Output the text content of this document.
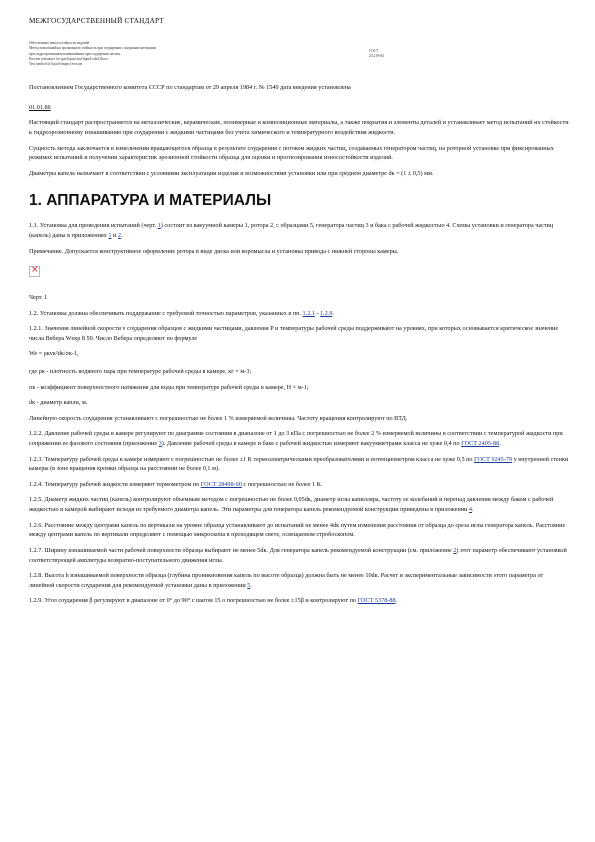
МЕЖГОСУДАРСТВЕННЫЙ СТАНДАРТ
Обеспечение износостойкости изделий
Метод испытаний на эрозионную стойкость при соударении с жидкими частицами
при гидроэрозионном изнашивании при соударении частиц
Erosion resistance for gas-liquid and liquid-solid flows
Test method of liquid-impact erosion
ГОСТ
23.219-84
Постановлением Государственного комитета СССР по стандартам от 29 апреля 1984 г. № 1540 дата введения установлена
01.01.86

Настоящий стандарт распространяется на металлические, керамические, полимерные и композиционные материалы, а также покрытия и элементы деталей и устанавливает метод испытаний их стойкости к гидроэрозионному изнашиванию при соударении с жидкими частицами без учета химического и температурного воздействия жидкости.

Сущность метода заключается в измельчении вращающегося образца в результате соударения с потоком жидких частиц, создаваемых генератором частиц, на роторной установке при фиксированных режимах испытаний и получении характеристик эрозионной стойкости образца для оценки и прогнозирования износостойкости изделий.

Диаметры капель назначают в соответствии с условиями эксплуатации изделия и возможностями установки или при среднем диаметре dк = (1 ± 0,5) мм.

1. АППАРАТУРА И МАТЕРИАЛЫ

1.1. Установка для проведения испытаний (черт. 1) состоит из вакуумной камеры 1, ротора 2, с образцами 5, генератора частиц 3 и бака с рабочей жидкостью 4. Схемы установки и генератора частиц (капель) даны в приложениях 1 и 2.

Примечание. Допускается конструктивное оформление ротора в виде диска или коромысла и установка привода с нижней стороны камеры.

×

Черт. 1

1.2. Установка должна обеспечивать поддержание с требуемой точностью параметров, указанных в пп. 1.2.1 - 1.2.9.

1.2.1. Значения линейной скорости v соударения образцов с жидкими частицами, давления P и температуры рабочей среды поддерживают на уровнях, при которых основывается критическое значение числа Вебера Wекр 8 50. Число Вебера определяют по формуле

We = ρкvк²dк/σк-1,

где ρк - плотность водяного пара при температуре рабочей среды в камере, кг × м-3;

σк - коэффициент поверхностного натяжения для воды при температуре рабочей среды в камере, Н × м-1;

dк - диаметр капли, м.

Линейную скорость соударения устанавливают с погрешностью не более 1 % измеряемой величины. Частоту вращения контролируют по ВТД.

1.2.2. Давление рабочей среды в камере регулируют по диаграмме состояния в диапазоне от 1 до 3 кПа с погрешностью не более 2 % измеряемой величины в соответствии с температурой жидкости при сопряжении ее фазового состояния (приложение 3). Давление рабочей среды в камере и баке с рабочей жидкостью измеряют вакуумметрами класса не хуже 0,4 по ГОСТ 2405-88.

1.2.3. Температуру рабочей среды в камере измеряют с погрешностью не более ±1 К термоэлектрическими преобразователями и потенциометром класса не хуже 0,5 по ГОСТ 9245-79 у внутренней стенки камеры (в зоне вращения кромки образца на расстоянии не более 0,1 м).

1.2.4. Температуру рабочей жидкости измеряют термометром по ГОСТ 28498-90 с погрешностью не более 1 К.

1.2.5. Диаметр жидких частиц (капель) контролируют объемным методом с погрешностью не более 0,05dк, диаметр иглы капилляра, частоту ее колебаний и перепад давления между баком с рабочей жидкостью и камерой выбирают исходя из требуемого диаметра капель. Эти параметры для генератора капель рекомендуемой конструкции приведены в приложении 4.

1.2.6. Расстояние между центрами капель по вертикали на уровне образца устанавливают до испытаний не менее 4dк путем изменения расстояния от образца до среза иглы генератора капель. Расстояние между центрами капель по вертикали определяют с помощью микроскопа в проходящем свете, освещаемом стробоскопом.

1.2.7. Ширину изнашиваемой части рабочей поверхности образца выбирают не менее 5dк. Для генератора капель рекомендуемой конструкции (см. приложение 2) этот параметр обеспечивают установкой соответствующей амплитуды возвратно-поступательного движения иглы.

1.2.8. Высота h изнашиваемой поверхности образца (глубина проникновения капель по высоте образца) должна быть не менее 10dк. Расчет и экспериментальные зависимости этого параметра от линейной скорости соударения для рекомендуемой установки даны в приложении 5.

1.2.9. Угол соударения β регулируют в диапазоне от 0° до 90° с шагом 15 о погрешностью не более ±15β и контролируют по ГОСТ 5378-88.
